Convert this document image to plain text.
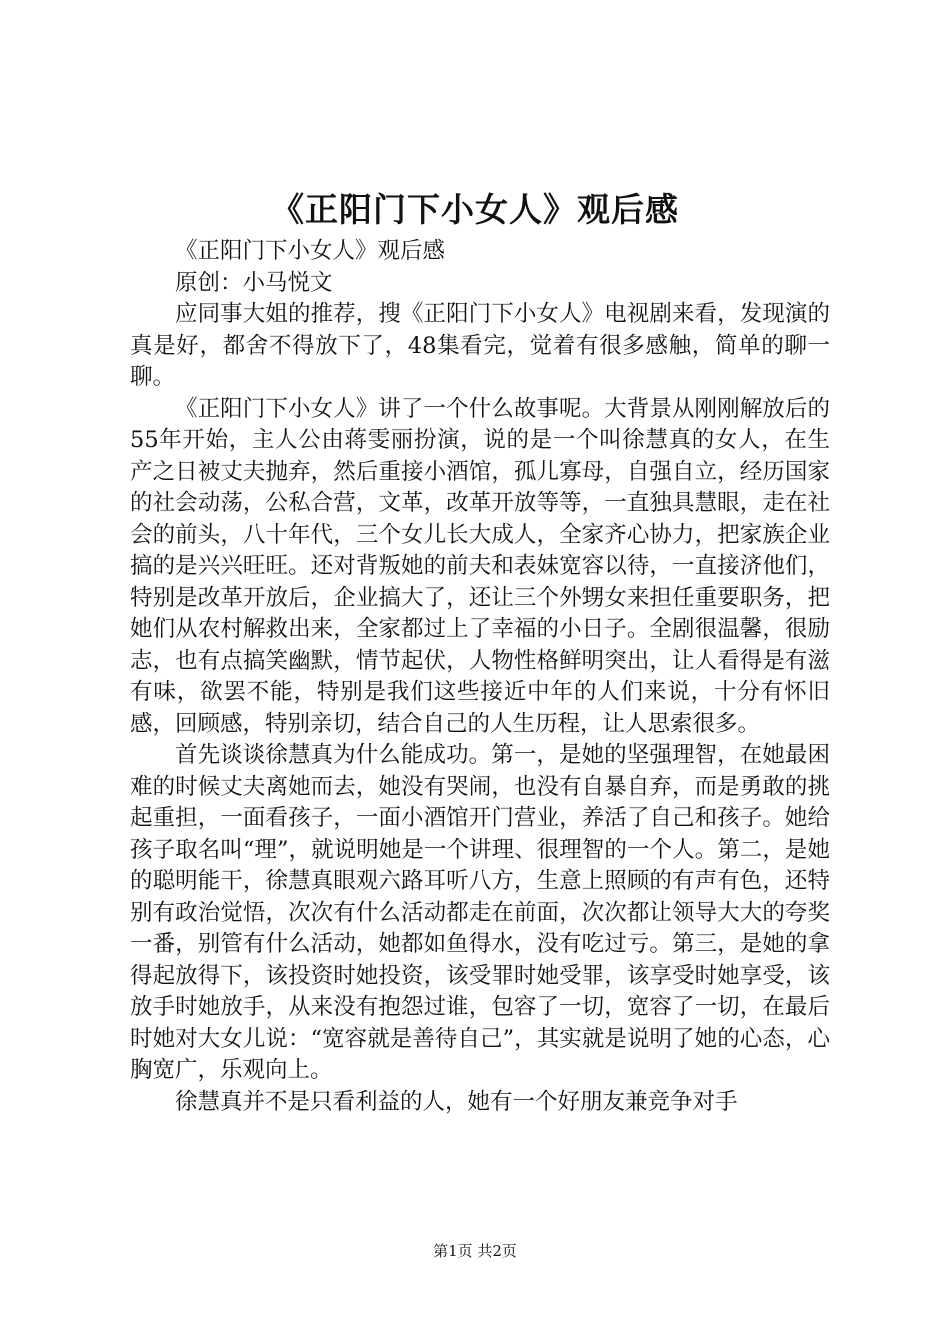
《正阳门下小女人》观后感

《正阳门下小女人》观后感

原创：小马悦文

应同事大姐的推荐，搜《正阳门下小女人》电视剧来看，发现演的真是好，都舍不得放下了，48集看完，觉着有很多感触，简单的聊一聊。

《正阳门下小女人》讲了一个什么故事呢。大背景从刚刚解放后的55年开始，主人公由蒋雯丽扮演，说的是一个叫徐慧真的女人，在生产之日被丈夫抛弃，然后重接小酒馆，孤儿寡母，自强自立，经历国家的社会动荡，公私合营，文革，改革开放等等，一直独具慧眼，走在社会的前头，八十年代，三个女儿长大成人，全家齐心协力，把家族企业搞的是兴兴旺旺。还对背叛她的前夫和表妹宽容以待，一直接济他们，特别是改革开放后，企业搞大了，还让三个外甥女来担任重要职务，把她们从农村解救出来，全家都过上了幸福的小日子。全剧很温馨，很励志，也有点搞笑幽默，情节起伏，人物性格鲜明突出，让人看得是有滋有味，欲罢不能，特别是我们这些接近中年的人们来说，十分有怀旧感，回顾感，特别亲切，结合自己的人生历程，让人思索很多。

首先谈谈徐慧真为什么能成功。第一，是她的坚强理智，在她最困难的时候丈夫离她而去，她没有哭闹，也没有自暴自弃，而是勇敢的挑起重担，一面看孩子，一面小酒馆开门营业，养活了自己和孩子。她给孩子取名叫“理”，就说明她是一个讲理、很理智的一个人。第二，是她的聪明能干，徐慧真眼观六路耳听八方，生意上照顾的有声有色，还特别有政治觉悟，次次有什么活动都走在前面，次次都让领导大大的夸奖一番，别管有什么活动，她都如鱼得水，没有吃过亏。第三，是她的拿得起放得下，该投资时她投资，该受罪时她受罪，该享受时她享受，该放手时她放手，从来没有抱怨过谁，包容了一切，宽容了一切，在最后时她对大女儿说：“宽容就是善待自己”，其实就是说明了她的心态，心胸宽广，乐观向上。

徐慧真并不是只看利益的人，她有一个好朋友兼竞争对手

第1页 共2页
